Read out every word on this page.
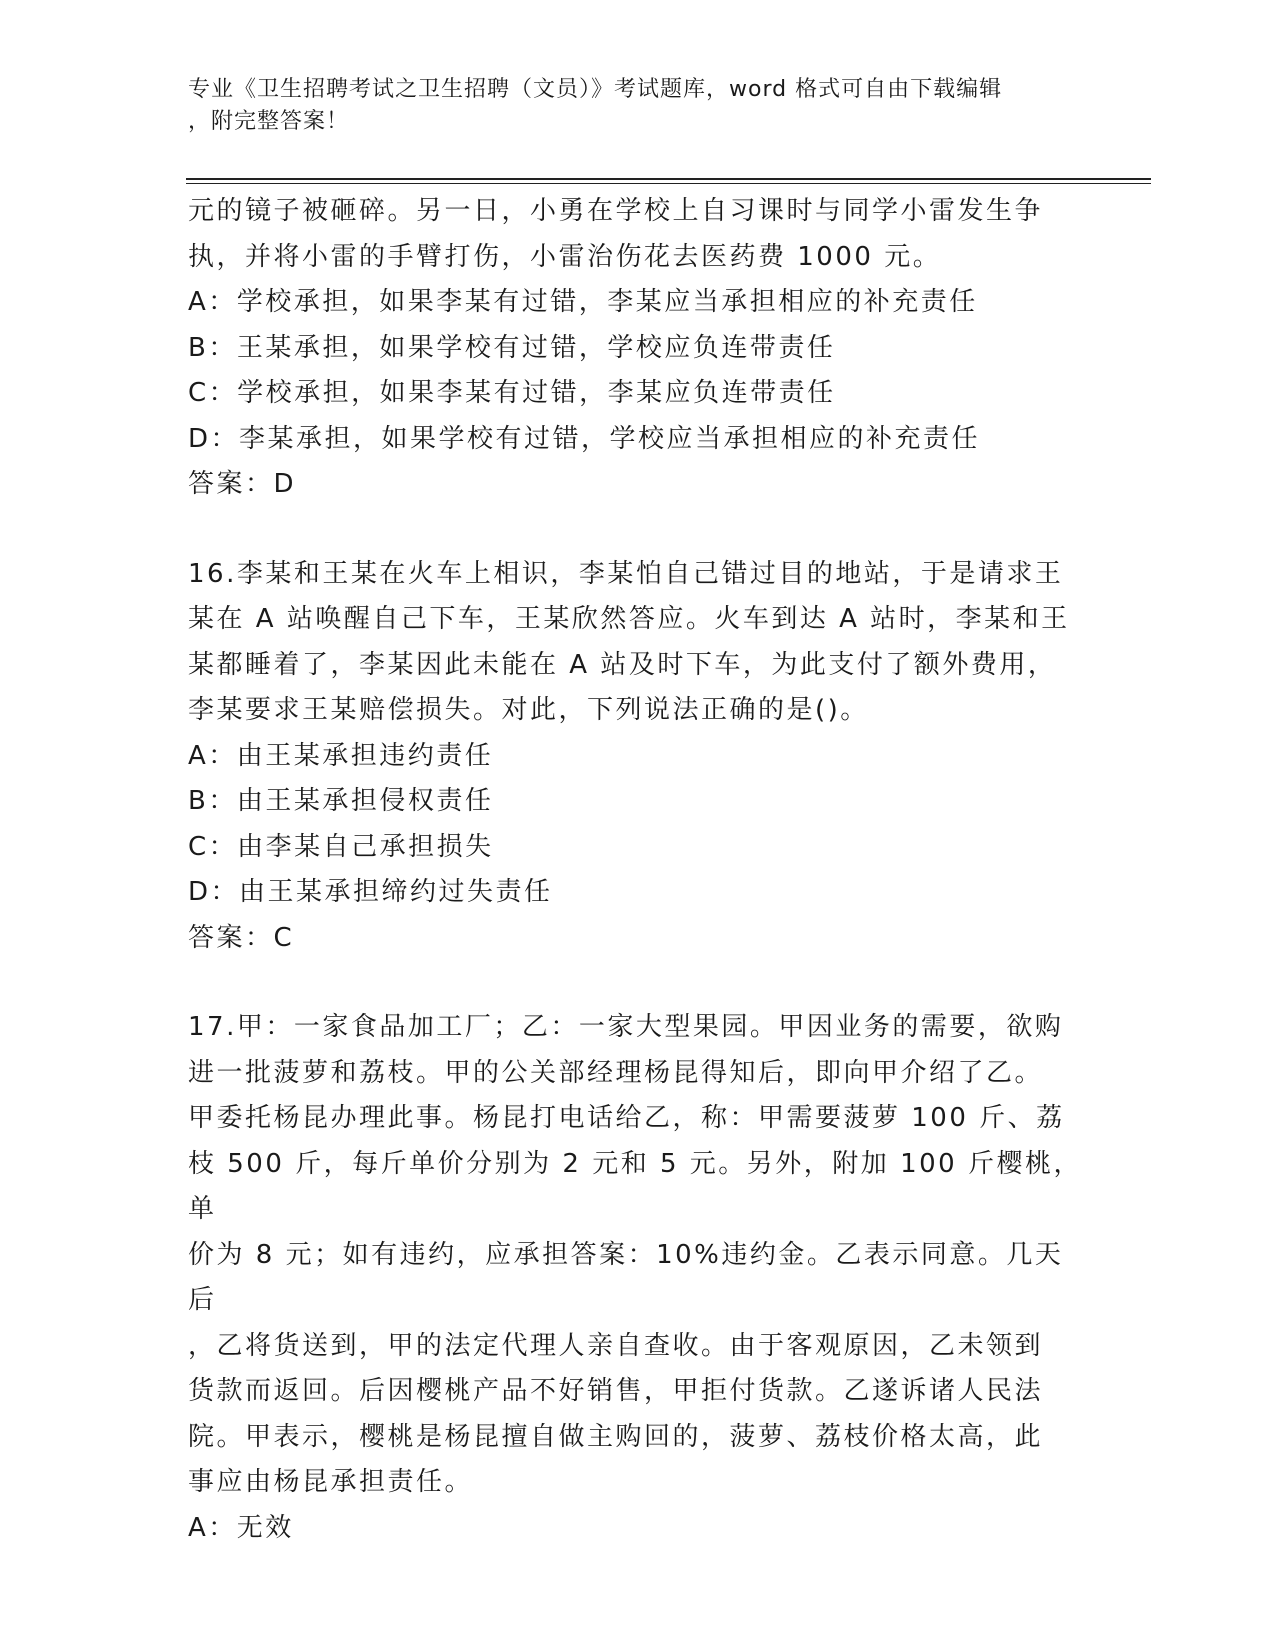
专业《卫生招聘考试之卫生招聘（文员）》考试题库，word 格式可自由下载编辑
，附完整答案！

元的镜子被砸碎。另一日，小勇在学校上自习课时与同学小雷发生争

执，并将小雷的手臂打伤，小雷治伤花去医药费 1000 元。

A：学校承担，如果李某有过错，李某应当承担相应的补充责任

B：王某承担，如果学校有过错，学校应负连带责任

C：学校承担，如果李某有过错，李某应负连带责任

D：李某承担，如果学校有过错，学校应当承担相应的补充责任

答案：D

16.李某和王某在火车上相识，李某怕自己错过目的地站，于是请求王

某在 A 站唤醒自己下车，王某欣然答应。火车到达 A 站时，李某和王

某都睡着了，李某因此未能在 A 站及时下车，为此支付了额外费用，

李某要求王某赔偿损失。对此，下列说法正确的是()。

A：由王某承担违约责任

B：由王某承担侵权责任

C：由李某自己承担损失

D：由王某承担缔约过失责任

答案：C

17.甲：一家食品加工厂；乙：一家大型果园。甲因业务的需要，欲购

进一批菠萝和荔枝。甲的公关部经理杨昆得知后，即向甲介绍了乙。

甲委托杨昆办理此事。杨昆打电话给乙，称：甲需要菠萝 100 斤、荔

枝 500 斤，每斤单价分别为 2 元和 5 元。另外，附加 100 斤樱桃，单

价为 8 元；如有违约，应承担答案：10%违约金。乙表示同意。几天后

，乙将货送到，甲的法定代理人亲自查收。由于客观原因，乙未领到

货款而返回。后因樱桃产品不好销售，甲拒付货款。乙遂诉诸人民法

院。甲表示，樱桃是杨昆擅自做主购回的，菠萝、荔枝价格太高，此

事应由杨昆承担责任。

A：无效
